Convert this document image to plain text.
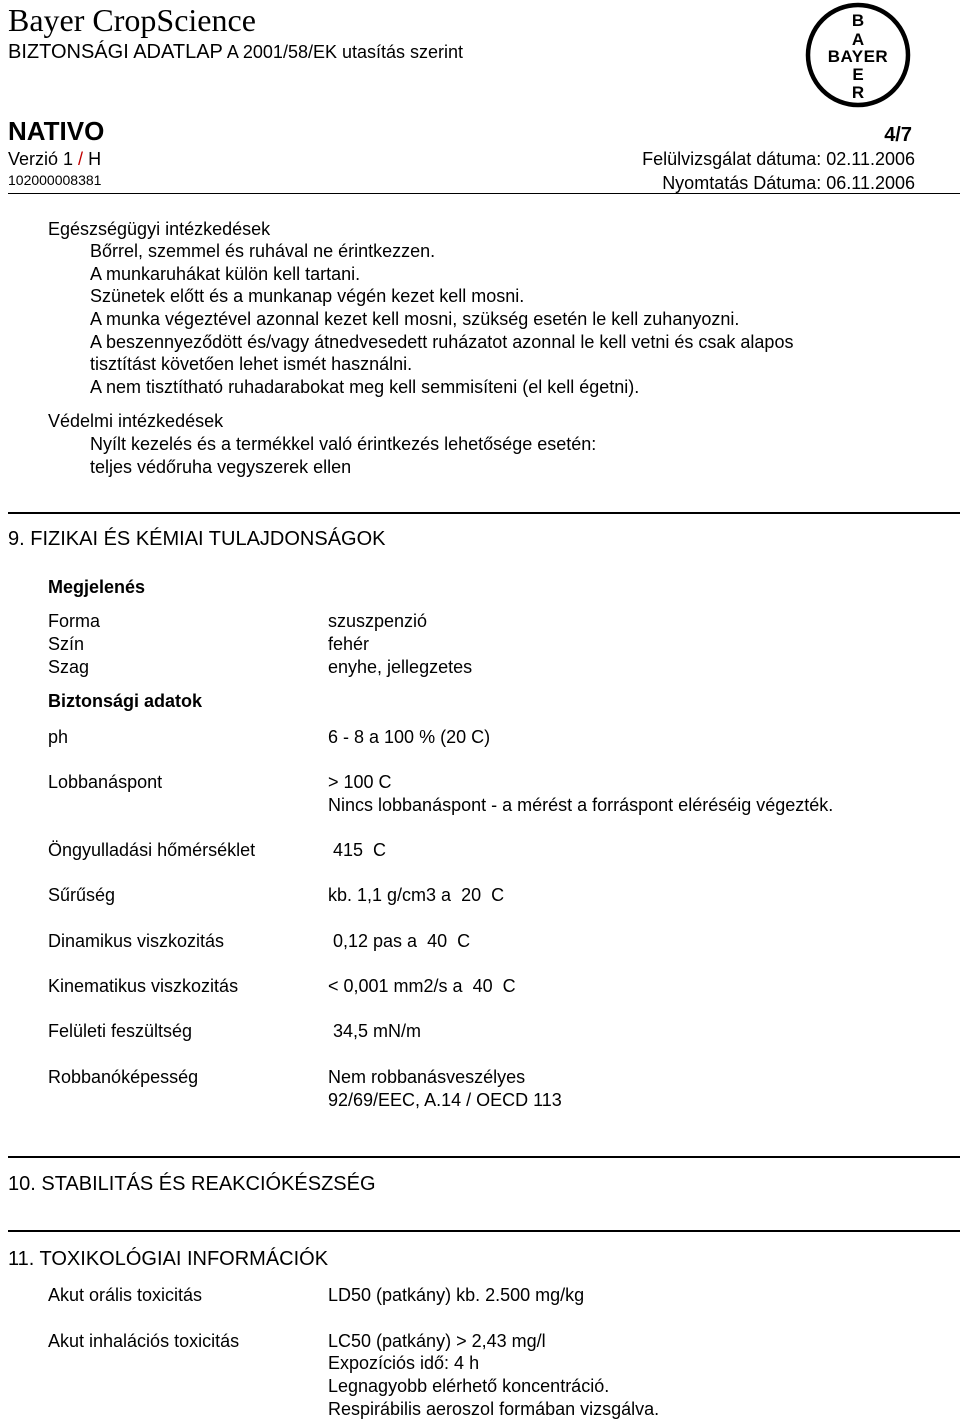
Bayer CropScience
BIZTONSÁGI ADATLAP A 2001/58/EK utasítás szerint
B
A
BAYER
E
R
NATIVO	4/7
Verzió 1 / H
102000008381
Felülvizsgálat dátuma: 02.11.2006
Nyomtatás Dátuma: 06.11.2006
Egészségügyi intézkedések
Bőrrel, szemmel és ruhával ne érintkezzen.
A munkaruhákat külön kell tartani.
Szünetek előtt és a munkanap végén kezet kell mosni.
A munka végeztével azonnal kezet kell mosni, szükség esetén le kell zuhanyozni.
A beszennyeződött és/vagy átnedvesedett ruházatot azonnal le kell vetni és csak alapos
tisztítást követően lehet ismét használni.
A nem tisztítható ruhadarabokat meg kell semmisíteni (el kell égetni).
Védelmi intézkedések
Nyílt kezelés és a termékkel való érintkezés lehetősége esetén:
teljes védőruha vegyszerek ellen
9. FIZIKAI ÉS KÉMIAI TULAJDONSÁGOK
Megjelenés
Forma	szuszpenzió
Szín	fehér
Szag	enyhe, jellegzetes
Biztonsági adatok
ph	6 - 8 a 100 % (20 C)
Lobbanáspont	> 100 C
Nincs lobbanáspont - a mérést a forráspont eléréséig végezték.
Öngyulladási hőmérséklet	415  C
Sűrűség	kb. 1,1 g/cm3 a  20  C
Dinamikus viszkozitás	0,12 pas a  40  C
Kinematikus viszkozitás	< 0,001 mm2/s a  40  C
Felületi feszültség	34,5 mN/m
Robbanóképesség	Nem robbanásveszélyes
92/69/EEC, A.14 / OECD 113
10. STABILITÁS ÉS REAKCIÓKÉSZSÉG
11. TOXIKOLÓGIAI INFORMÁCIÓK
Akut orális toxicitás	LD50 (patkány) kb. 2.500 mg/kg
Akut inhalációs toxicitás	LC50 (patkány) > 2,43 mg/l
Expozíciós idő: 4 h
Legnagyobb elérhető koncentráció.
Respirábilis aeroszol formában vizsgálva.
